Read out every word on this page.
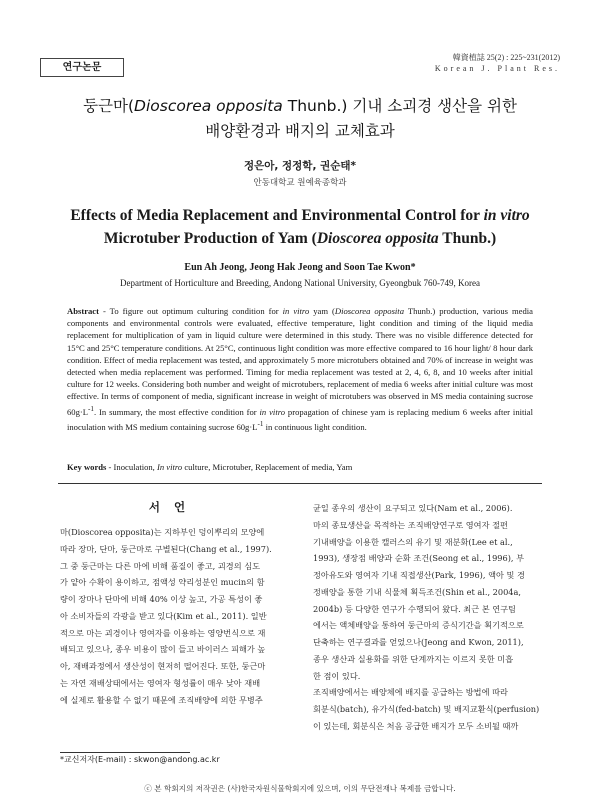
연구논문
韓資植誌 25(2) : 225~231(2012)
Korean J. Plant Res.
둥근마(Dioscorea opposita Thunb.) 기내 소괴경 생산을 위한
배양환경과 배지의 교체효과
정은아, 정정학, 권순태*
안동대학교 원예육종학과
Effects of Media Replacement and Environmental Control for in vitro
Microtuber Production of Yam (Dioscorea opposita Thunb.)
Eun Ah Jeong, Jeong Hak Jeong and Soon Tae Kwon*
Department of Horticulture and Breeding, Andong National University, Gyeongbuk 760-749, Korea
Abstract - To figure out optimum culturing condition for in vitro yam (Dioscorea opposita Thunb.) production, various media components and environmental controls were evaluated, effective temperature, light condition and timing of the liquid media replacement for multiplication of yam in liquid culture were determined in this study. There was no visible difference detected for 15°C and 25°C temperature conditions. At 25°C, continuous light condition was more effective compared to 16 hour light/ 8 hour dark condition. Effect of media replacement was tested, and approximately 5 more microtubers obtained and 70% of increase in weight was detected when media replacement was performed. Timing for media replacement was tested at 2, 4, 6, 8, and 10 weeks after initial culture for 12 weeks. Considering both number and weight of microtubers, replacement of media 6 weeks after initial culture was most effective. In terms of component of media, significant increase in weight of microtubers was observed in MS media containing sucrose $60g\cdot L^{-1}$. In summary, the most effective condition for in vitro propagation of chinese yam is replacing medium 6 weeks after initial inoculation with MS medium containing sucrose $60g\cdot L^{-1}$ in continuous light condition.
Key words - Inoculation, In vitro culture, Microtuber, Replacement of media, Yam
서언
마(Dioscorea opposita)는 지하부인 덩이뿌리의 모양에
따라 장마, 단마, 둥근마로 구별된다(Chang et al., 1997).
그 중 둥근마는 다른 마에 비해 품질이 좋고, 괴경의 심도
가 얕아 수확이 용이하고, 점액성 약리성분인 mucin의 함
량이 장마나 단마에 비해 40% 이상 높고, 가공 특성이 좋
아 소비자들의 각광을 받고 있다(Kim et al., 2011). 일반
적으로 마는 괴경이나 영여자를 이용하는 영양번식으로 재
배되고 있으나, 종우 비용이 많이 들고 바이러스 피해가 높
아, 재배과정에서 생산성이 현저히 떨어진다. 또한, 둥근마
는 자연 재배상태에서는 영여자 형성률이 매우 낮아 재배
에 실제로 활용할 수 없기 때문에 조직배양에 의한 무병주
균일 종우의 생산이 요구되고 있다(Nam et al., 2006).
마의 종묘생산을 목적하는 조직배양연구로 영여자 절편
기내배양을 이용한 캘러스의 유기 및 재분화(Lee et al.,
1993), 생장점 배양과 순화 조건(Seong et al., 1996), 부
정아유도와 영여자 기내 직접생산(Park, 1996), 액아 및 경
정배양을 통한 기내 식물체 획득조건(Shin et al., 2004a,
2004b) 등 다양한 연구가 수행되어 왔다. 최근 본 연구팀
에서는 액체배양을 통하여 둥근마의 증식기간을 획기적으로
단축하는 연구결과를 얻었으나(Jeong and Kwon, 2011),
종우 생산과 실용화를 위한 단계까지는 이르지 못한 미흡
한 점이 있다.
조직배양에서는 배양체에 배지를 공급하는 방법에 따라
회분식(batch), 유가식(fed-batch) 및 배지교환식(perfusion)
이 있는데, 회분식은 처음 공급한 배지가 모두 소비될 때까
*교신저자(E-mail) : skwon@andong.ac.kr
ⓒ 본 학회지의 저작권은 (사)한국자원식물학회지에 있으며, 이의 무단전재나 복제를 금합니다.
